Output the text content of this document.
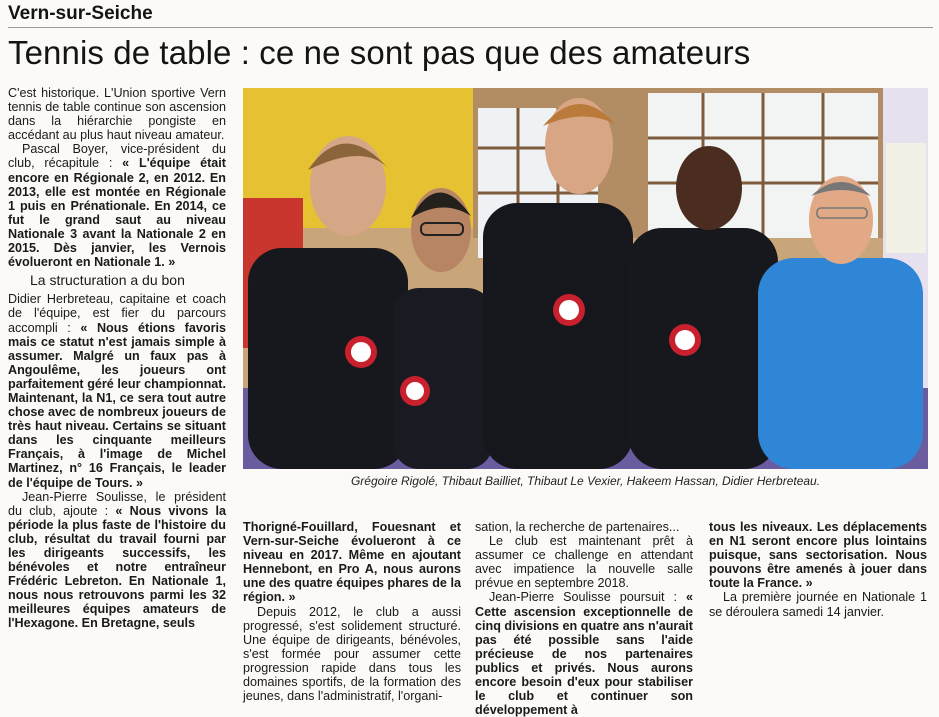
Vern-sur-Seiche
Tennis de table : ce ne sont pas que des amateurs

C'est historique. L'Union sportive Vern tennis de table continue son ascension dans la hiérarchie pongiste en accédant au plus haut niveau amateur.

Pascal Boyer, vice-président du club, récapitule : « L'équipe était encore en Régionale 2, en 2012. En 2013, elle est montée en Régionale 1 puis en Prénationale. En 2014, ce fut le grand saut au niveau Nationale 3 avant la Nationale 2 en 2015. Dès janvier, les Vernois évolueront en Nationale 1. »

La structuration a du bon

Didier Herbreteau, capitaine et coach de l'équipe, est fier du parcours accompli : « Nous étions favoris mais ce statut n'est jamais simple à assumer. Malgré un faux pas à Angoulême, les joueurs ont parfaitement géré leur championnat. Maintenant, la N1, ce sera tout autre chose avec de nombreux joueurs de très haut niveau. Certains se situant dans les cinquante meilleurs Français, à l'image de Michel Martinez, n° 16 Français, le leader de l'équipe de Tours. »

Jean-Pierre Soulisse, le président du club, ajoute : « Nous vivons la période la plus faste de l'histoire du club, résultat du travail fourni par les dirigeants successifs, les bénévoles et notre entraîneur Frédéric Lebreton. En Nationale 1, nous nous retrouvons parmi les 32 meilleures équipes amateurs de l'Hexagone. En Bretagne, seuls

Grégoire Rigolé, Thibaut Bailliet, Thibaut Le Vexier, Hakeem Hassan, Didier Herbreteau.

Thorigné-Fouillard, Fouesnant et Vern-sur-Seiche évolueront à ce niveau en 2017. Même en ajoutant Hennebont, en Pro A, nous aurons une des quatre équipes phares de la région. »

Depuis 2012, le club a aussi progressé, s'est solidement structuré. Une équipe de dirigeants, bénévoles, s'est formée pour assumer cette progression rapide dans tous les domaines sportifs, de la formation des jeunes, dans l'administratif, l'organi-

sation, la recherche de partenaires...

Le club est maintenant prêt à assumer ce challenge en attendant avec impatience la nouvelle salle prévue en septembre 2018.

Jean-Pierre Soulisse poursuit : « Cette ascension exceptionnelle de cinq divisions en quatre ans n'aurait pas été possible sans l'aide précieuse de nos partenaires publics et privés. Nous aurons encore besoin d'eux pour stabiliser le club et continuer son développement à

tous les niveaux. Les déplacements en N1 seront encore plus lointains puisque, sans sectorisation. Nous pouvons être amenés à jouer dans toute la France. »

La première journée en Nationale 1 se déroulera samedi 14 janvier.
